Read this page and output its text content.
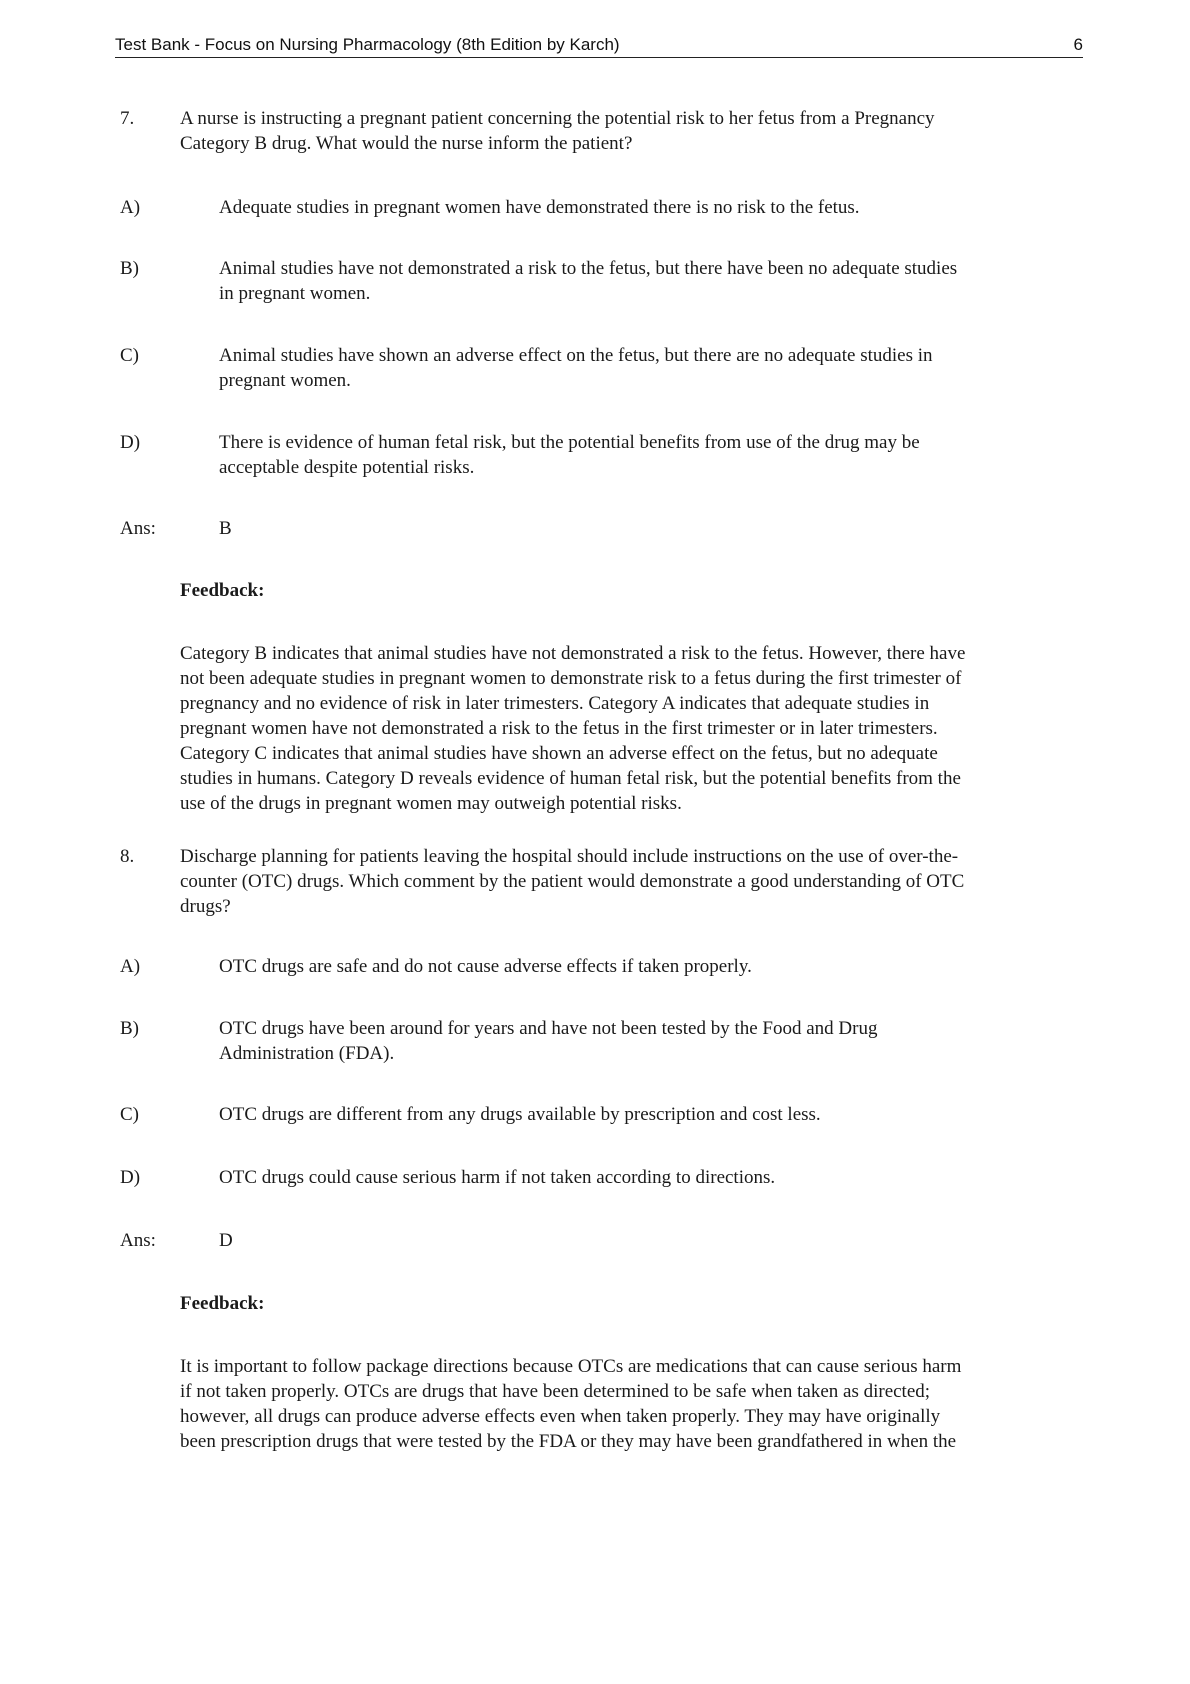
Test Bank - Focus on Nursing Pharmacology (8th Edition by Karch)	6
7. A nurse is instructing a pregnant patient concerning the potential risk to her fetus from a Pregnancy
Category B drug. What would the nurse inform the patient?
A)	Adequate studies in pregnant women have demonstrated there is no risk to the fetus.
B)	Animal studies have not demonstrated a risk to the fetus, but there have been no adequate studies
in pregnant women.
C)	Animal studies have shown an adverse effect on the fetus, but there are no adequate studies in
pregnant women.
D)	There is evidence of human fetal risk, but the potential benefits from use of the drug may be
acceptable despite potential risks.
Ans:	B
Feedback:
Category B indicates that animal studies have not demonstrated a risk to the fetus. However, there have
not been adequate studies in pregnant women to demonstrate risk to a fetus during the first trimester of
pregnancy and no evidence of risk in later trimesters. Category A indicates that adequate studies in
pregnant women have not demonstrated a risk to the fetus in the first trimester or in later trimesters.
Category C indicates that animal studies have shown an adverse effect on the fetus, but no adequate
studies in humans. Category D reveals evidence of human fetal risk, but the potential benefits from the
use of the drugs in pregnant women may outweigh potential risks.
8. Discharge planning for patients leaving the hospital should include instructions on the use of over-the-
counter (OTC) drugs. Which comment by the patient would demonstrate a good understanding of OTC
drugs?
A)	OTC drugs are safe and do not cause adverse effects if taken properly.
B)	OTC drugs have been around for years and have not been tested by the Food and Drug
Administration (FDA).
C)	OTC drugs are different from any drugs available by prescription and cost less.
D)	OTC drugs could cause serious harm if not taken according to directions.
Ans:	D
Feedback:
It is important to follow package directions because OTCs are medications that can cause serious harm
if not taken properly. OTCs are drugs that have been determined to be safe when taken as directed;
however, all drugs can produce adverse effects even when taken properly. They may have originally
been prescription drugs that were tested by the FDA or they may have been grandfathered in when the
